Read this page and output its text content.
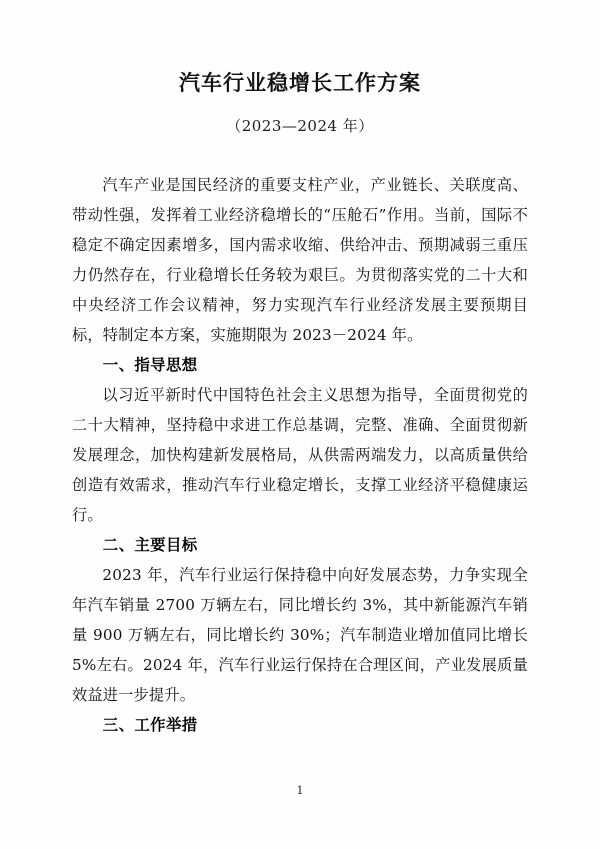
汽车行业稳增长工作方案
（2023—2024 年）

汽车产业是国民经济的重要支柱产业，产业链长、关联度高、带动性强，发挥着工业经济稳增长的“压舱石”作用。当前，国际不稳定不确定因素增多，国内需求收缩、供给冲击、预期减弱三重压力仍然存在，行业稳增长任务较为艰巨。为贯彻落实党的二十大和中央经济工作会议精神，努力实现汽车行业经济发展主要预期目标，特制定本方案，实施期限为 2023－2024 年。

一、指导思想

以习近平新时代中国特色社会主义思想为指导，全面贯彻党的二十大精神，坚持稳中求进工作总基调，完整、准确、全面贯彻新发展理念，加快构建新发展格局，从供需两端发力，以高质量供给创造有效需求，推动汽车行业稳定增长，支撑工业经济平稳健康运行。

二、主要目标

2023 年，汽车行业运行保持稳中向好发展态势，力争实现全年汽车销量 2700 万辆左右，同比增长约 3%，其中新能源汽车销量 900 万辆左右，同比增长约 30%；汽车制造业增加值同比增长 5%左右。2024 年，汽车行业运行保持在合理区间，产业发展质量效益进一步提升。

三、工作举措
1
